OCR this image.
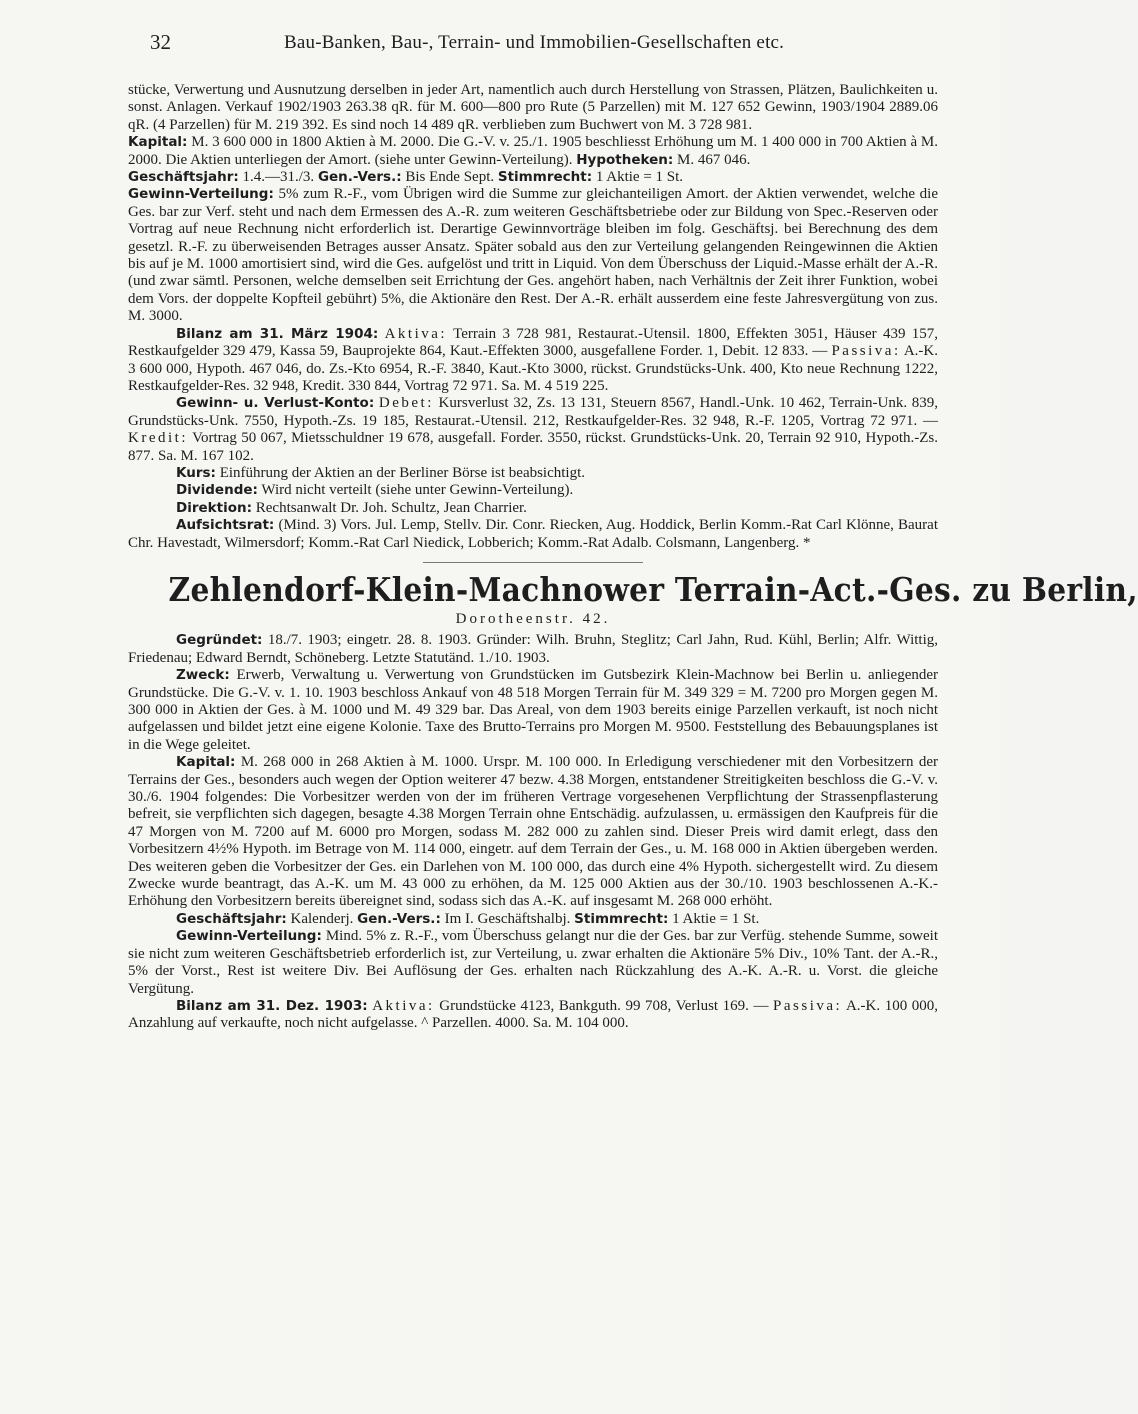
32	Bau-Banken, Bau-, Terrain- und Immobilien-Gesellschaften etc.

stücke, Verwertung und Ausnutzung derselben in jeder Art, namentlich auch durch Herstellung von Strassen, Plätzen, Baulichkeiten u. sonst. Anlagen. Verkauf 1902/1903 263.38 qR. für M. 600—800 pro Rute (5 Parzellen) mit M. 127 652 Gewinn, 1903/1904 2889.06 qR. (4 Parzellen) für M. 219 392. Es sind noch 14 489 qR. verblieben zum Buchwert von M. 3 728 981.

Kapital: M. 3 600 000 in 1800 Aktien à M. 2000. Die G.-V. v. 25./1. 1905 beschliesst Erhöhung um M. 1 400 000 in 700 Aktien à M. 2000. Die Aktien unterliegen der Amort. (siehe unter Gewinn-Verteilung). Hypotheken: M. 467 046.

Geschäftsjahr: 1.4.—31./3. Gen.-Vers.: Bis Ende Sept. Stimmrecht: 1 Aktie = 1 St.

Gewinn-Verteilung: 5% zum R.-F., vom Übrigen wird die Summe zur gleichanteiligen Amort. der Aktien verwendet, welche die Ges. bar zur Verf. steht und nach dem Ermessen des A.-R. zum weiteren Geschäftsbetriebe oder zur Bildung von Spec.-Reserven oder Vortrag auf neue Rechnung nicht erforderlich ist. Derartige Gewinnvorträge bleiben im folg. Geschäftsj. bei Berechnung des dem gesetzl. R.-F. zu überweisenden Betrages ausser Ansatz. Später sobald aus den zur Verteilung gelangenden Reingewinnen die Aktien bis auf je M. 1000 amortisiert sind, wird die Ges. aufgelöst und tritt in Liquid. Von dem Überschuss der Liquid.-Masse erhält der A.-R. (und zwar sämtl. Personen, welche demselben seit Errichtung der Ges. angehört haben, nach Verhältnis der Zeit ihrer Funktion, wobei dem Vors. der doppelte Kopfteil gebührt) 5%, die Aktionäre den Rest. Der A.-R. erhält ausserdem eine feste Jahresvergütung von zus. M. 3000.

Bilanz am 31. März 1904: Aktiva: Terrain 3 728 981, Restaurat.-Utensil. 1800, Effekten 3051, Häuser 439 157, Restkaufgelder 329 479, Kassa 59, Bauprojekte 864, Kaut.-Effekten 3000, ausgefallene Forder. 1, Debit. 12 833. — Passiva: A.-K. 3 600 000, Hypoth. 467 046, do. Zs.-Kto 6954, R.-F. 3840, Kaut.-Kto 3000, rückst. Grundstücks-Unk. 400, Kto neue Rechnung 1222, Restkaufgelder-Res. 32 948, Kredit. 330 844, Vortrag 72 971. Sa. M. 4 519 225.

Gewinn- u. Verlust-Konto: Debet: Kursverlust 32, Zs. 13 131, Steuern 8567, Handl.-Unk. 10 462, Terrain-Unk. 839, Grundstücks-Unk. 7550, Hypoth.-Zs. 19 185, Restaurat.-Utensil. 212, Restkaufgelder-Res. 32 948, R.-F. 1205, Vortrag 72 971. — Kredit: Vortrag 50 067, Mietsschuldner 19 678, ausgefall. Forder. 3550, rückst. Grundstücks-Unk. 20, Terrain 92 910, Hypoth.-Zs. 877. Sa. M. 167 102.

Kurs: Einführung der Aktien an der Berliner Börse ist beabsichtigt.

Dividende: Wird nicht verteilt (siehe unter Gewinn-Verteilung).

Direktion: Rechtsanwalt Dr. Joh. Schultz, Jean Charrier.

Aufsichtsrat: (Mind. 3) Vors. Jul. Lemp, Stellv. Dir. Conr. Riecken, Aug. Hoddick, Berlin Komm.-Rat Carl Klönne, Baurat Chr. Havestadt, Wilmersdorf; Komm.-Rat Carl Niedick, Lobberich; Komm.-Rat Adalb. Colsmann, Langenberg. *

Zehlendorf-Klein-Machnower Terrain-Act.-Ges. zu Berlin,

Dorotheenstr. 42.

Gegründet: 18./7. 1903; eingetr. 28. 8. 1903. Gründer: Wilh. Bruhn, Steglitz; Carl Jahn, Rud. Kühl, Berlin; Alfr. Wittig, Friedenau; Edward Berndt, Schöneberg. Letzte Statutänd. 1./10. 1903.

Zweck: Erwerb, Verwaltung u. Verwertung von Grundstücken im Gutsbezirk Klein-Machnow bei Berlin u. anliegender Grundstücke. Die G.-V. v. 1. 10. 1903 beschloss Ankauf von 48 518 Morgen Terrain für M. 349 329 = M. 7200 pro Morgen gegen M. 300 000 in Aktien der Ges. à M. 1000 und M. 49 329 bar. Das Areal, von dem 1903 bereits einige Parzellen verkauft, ist noch nicht aufgelassen und bildet jetzt eine eigene Kolonie. Taxe des Brutto-Terrains pro Morgen M. 9500. Feststellung des Bebauungsplanes ist in die Wege geleitet.

Kapital: M. 268 000 in 268 Aktien à M. 1000. Urspr. M. 100 000. In Erledigung verschiedener mit den Vorbesitzern der Terrains der Ges., besonders auch wegen der Option weiterer 47 bezw. 4.38 Morgen, entstandener Streitigkeiten beschloss die G.-V. v. 30./6. 1904 folgendes: Die Vorbesitzer werden von der im früheren Vertrage vorgesehenen Verpflichtung der Strassenpflasterung befreit, sie verpflichten sich dagegen, besagte 4.38 Morgen Terrain ohne Entschädig. aufzulassen, u. ermässigen den Kaufpreis für die 47 Morgen von M. 7200 auf M. 6000 pro Morgen, sodass M. 282 000 zu zahlen sind. Dieser Preis wird damit erlegt, dass den Vorbesitzern 4½% Hypoth. im Betrage von M. 114 000, eingetr. auf dem Terrain der Ges., u. M. 168 000 in Aktien übergeben werden. Des weiteren geben die Vorbesitzer der Ges. ein Darlehen von M. 100 000, das durch eine 4% Hypoth. sichergestellt wird. Zu diesem Zwecke wurde beantragt, das A.-K. um M. 43 000 zu erhöhen, da M. 125 000 Aktien aus der 30./10. 1903 beschlossenen A.-K.-Erhöhung den Vorbesitzern bereits übereignet sind, sodass sich das A.-K. auf insgesamt M. 268 000 erhöht.

Geschäftsjahr: Kalenderj. Gen.-Vers.: Im I. Geschäftshalbj. Stimmrecht: 1 Aktie = 1 St.

Gewinn-Verteilung: Mind. 5% z. R.-F., vom Überschuss gelangt nur die der Ges. bar zur Verfüg. stehende Summe, soweit sie nicht zum weiteren Geschäftsbetrieb erforderlich ist, zur Verteilung, u. zwar erhalten die Aktionäre 5% Div., 10% Tant. der A.-R., 5% der Vorst., Rest ist weitere Div. Bei Auflösung der Ges. erhalten nach Rückzahlung des A.-K. A.-R. u. Vorst. die gleiche Vergütung.

Bilanz am 31. Dez. 1903: Aktiva: Grundstücke 4123, Bankguth. 99 708, Verlust 169. — Passiva: A.-K. 100 000, Anzahlung auf verkaufte, noch nicht aufgelasse. ^ Parzellen. 4000. Sa. M. 104 000.
